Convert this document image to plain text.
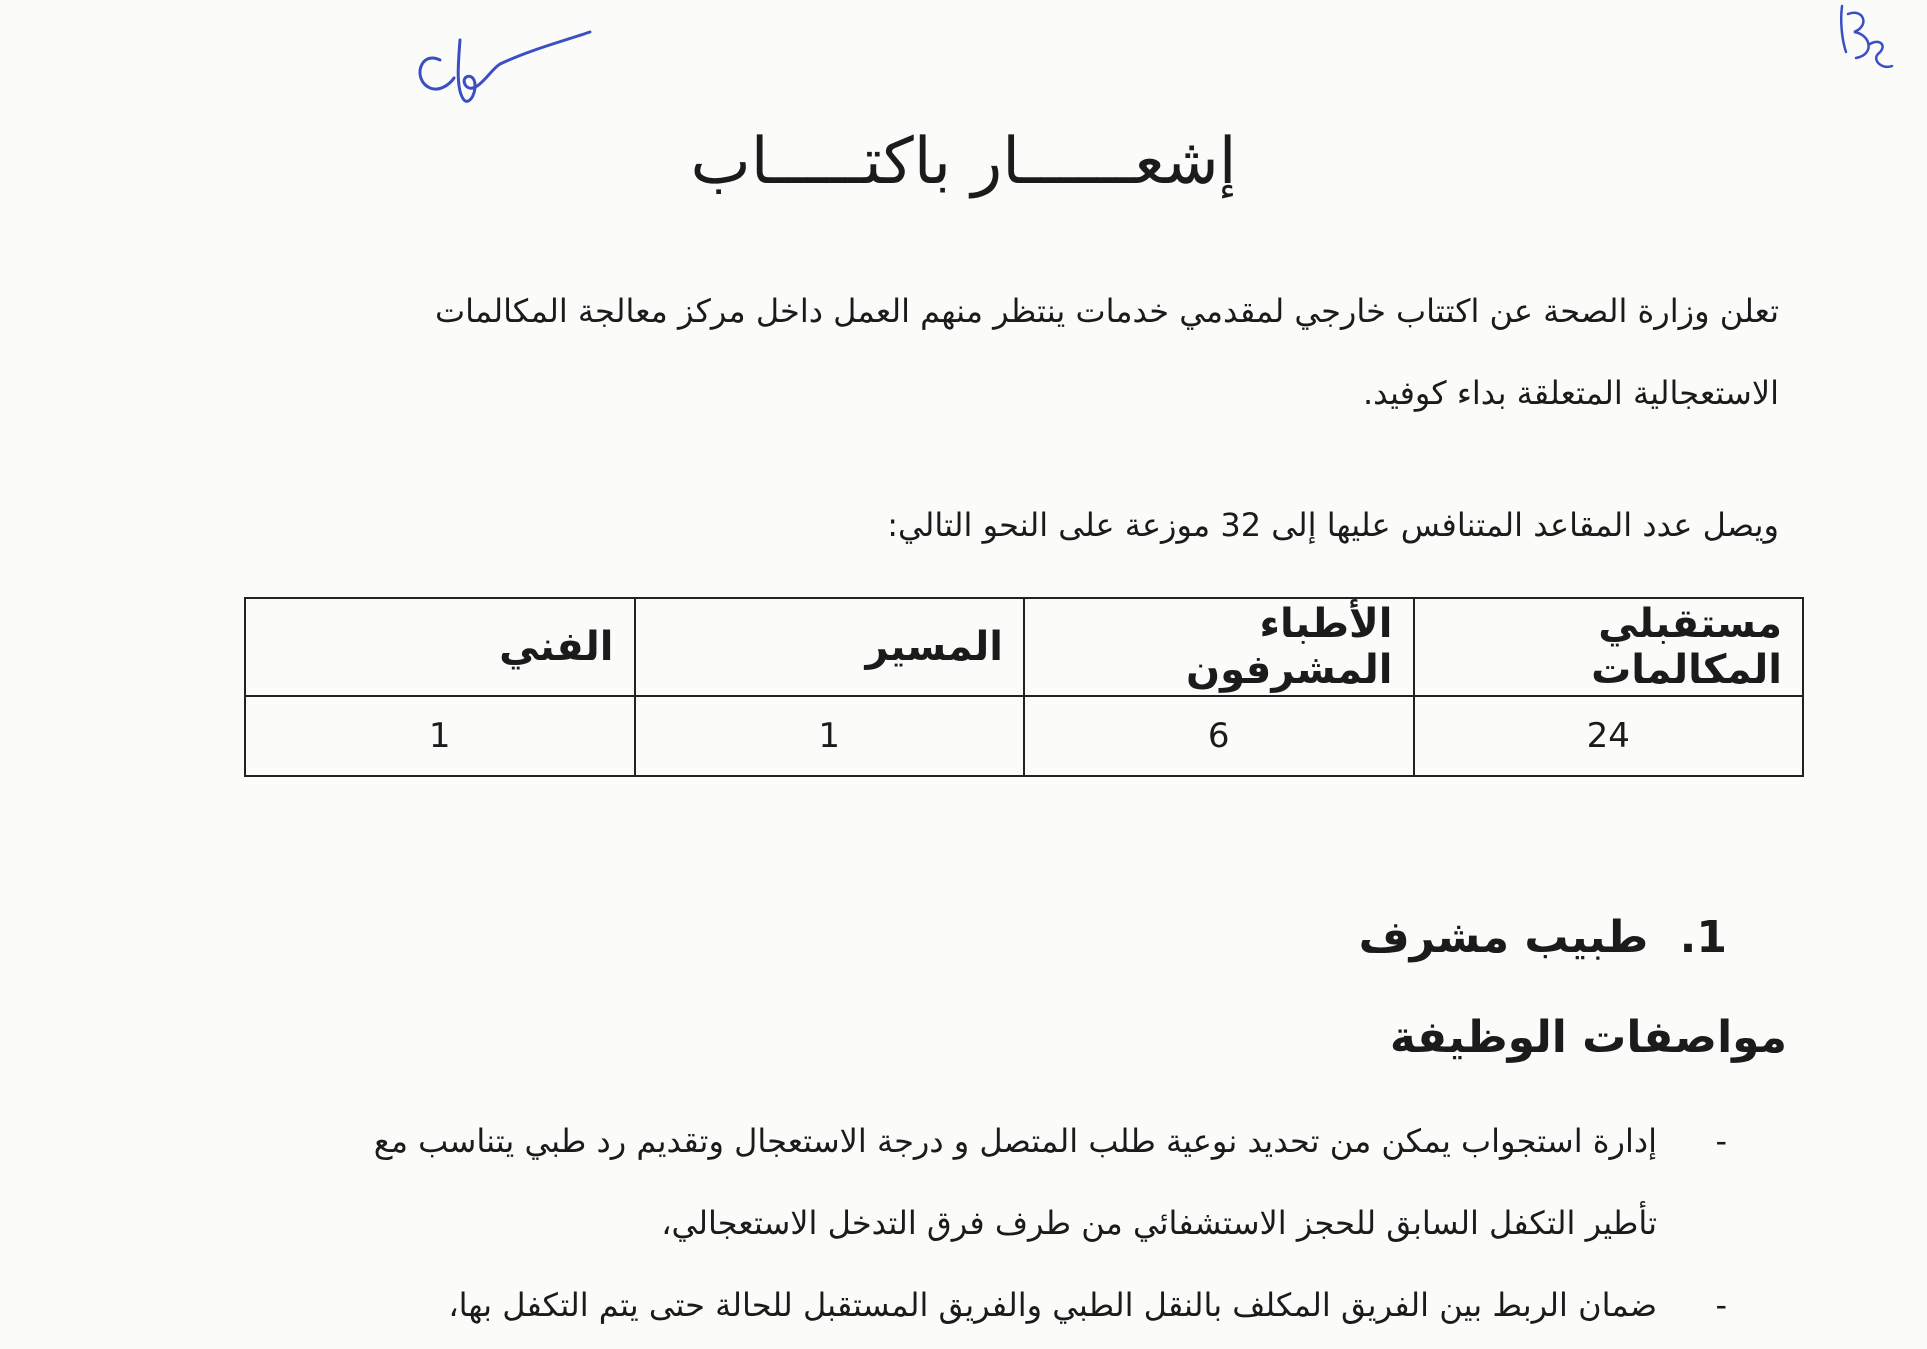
إشعــــــار باكتـــــاب
تعلن وزارة الصحة عن اكتتاب خارجي لمقدمي خدمات ينتظر منهم العمل داخل مركز معالجة المكالمات الاستعجالية المتعلقة بداء كوفيد.
ويصل عدد المقاعد المتنافس عليها إلى 32 موزعة على النحو التالي:
مستقبلي المكالمات	الأطباء المشرفون	المسير	الفني
24	6	1	1
1. طبيب مشرف
مواصفات الوظيفة
-
إدارة استجواب يمكن من تحديد نوعية طلب المتصل و درجة الاستعجال وتقديم رد طبي يتناسب مع تأطير التكفل السابق للحجز الاستشفائي من طرف فرق التدخل الاستعجالي،
-
ضمان الربط بين الفريق المكلف بالنقل الطبي والفريق المستقبل للحالة حتى يتم التكفل بها،
